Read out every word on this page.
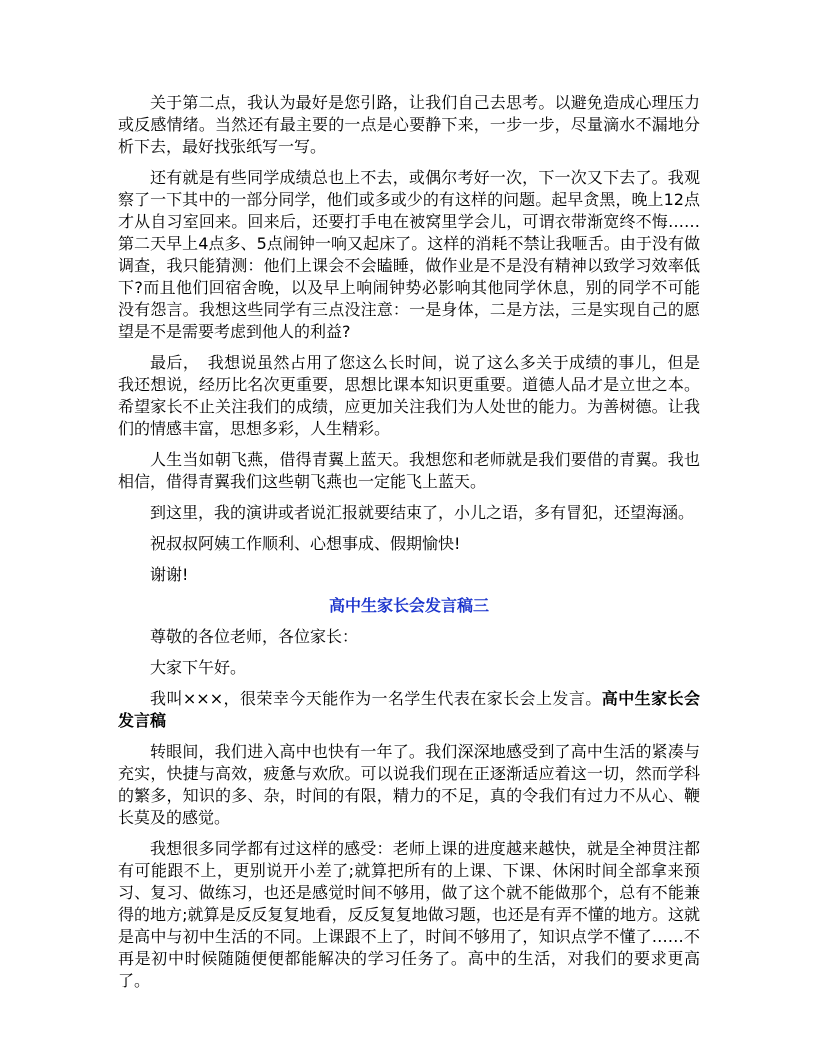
关于第二点，我认为最好是您引路，让我们自己去思考。以避免造成心理压力或反感情绪。当然还有最主要的一点是心要静下来，一步一步，尽量滴水不漏地分析下去，最好找张纸写一写。

还有就是有些同学成绩总也上不去，或偶尔考好一次，下一次又下去了。我观察了一下其中的一部分同学，他们或多或少的有这样的问题。起早贪黑，晚上12点才从自习室回来。回来后，还要打手电在被窝里学会儿，可谓衣带渐宽终不悔……第二天早上4点多、5点闹钟一响又起床了。这样的消耗不禁让我咂舌。由于没有做调查，我只能猜测：他们上课会不会瞌睡，做作业是不是没有精神以致学习效率低下?而且他们回宿舍晚，以及早上响闹钟势必影响其他同学休息，别的同学不可能没有怨言。我想这些同学有三点没注意：一是身体，二是方法，三是实现自己的愿望是不是需要考虑到他人的利益?

最后，　我想说虽然占用了您这么长时间，说了这么多关于成绩的事儿，但是我还想说，经历比名次更重要，思想比课本知识更重要。道德人品才是立世之本。希望家长不止关注我们的成绩，应更加关注我们为人处世的能力。为善树德。让我们的情感丰富，思想多彩，人生精彩。

人生当如朝飞燕，借得青翼上蓝天。我想您和老师就是我们要借的青翼。我也相信，借得青翼我们这些朝飞燕也一定能飞上蓝天。

到这里，我的演讲或者说汇报就要结束了，小儿之语，多有冒犯，还望海涵。

祝叔叔阿姨工作顺利、心想事成、假期愉快!

谢谢!

高中生家长会发言稿三

尊敬的各位老师，各位家长：

大家下午好。

我叫×××，很荣幸今天能作为一名学生代表在家长会上发言。高中生家长会发言稿

转眼间，我们进入高中也快有一年了。我们深深地感受到了高中生活的紧凑与充实，快捷与高效，疲惫与欢欣。可以说我们现在正逐渐适应着这一切，然而学科的繁多，知识的多、杂，时间的有限，精力的不足，真的令我们有过力不从心、鞭长莫及的感觉。

我想很多同学都有过这样的感受：老师上课的进度越来越快，就是全神贯注都有可能跟不上，更别说开小差了;就算把所有的上课、下课、休闲时间全部拿来预习、复习、做练习，也还是感觉时间不够用，做了这个就不能做那个，总有不能兼得的地方;就算是反反复复地看，反反复复地做习题，也还是有弄不懂的地方。这就是高中与初中生活的不同。上课跟不上了，时间不够用了，知识点学不懂了……不再是初中时候随随便便都能解决的学习任务了。高中的生活，对我们的要求更高了。
